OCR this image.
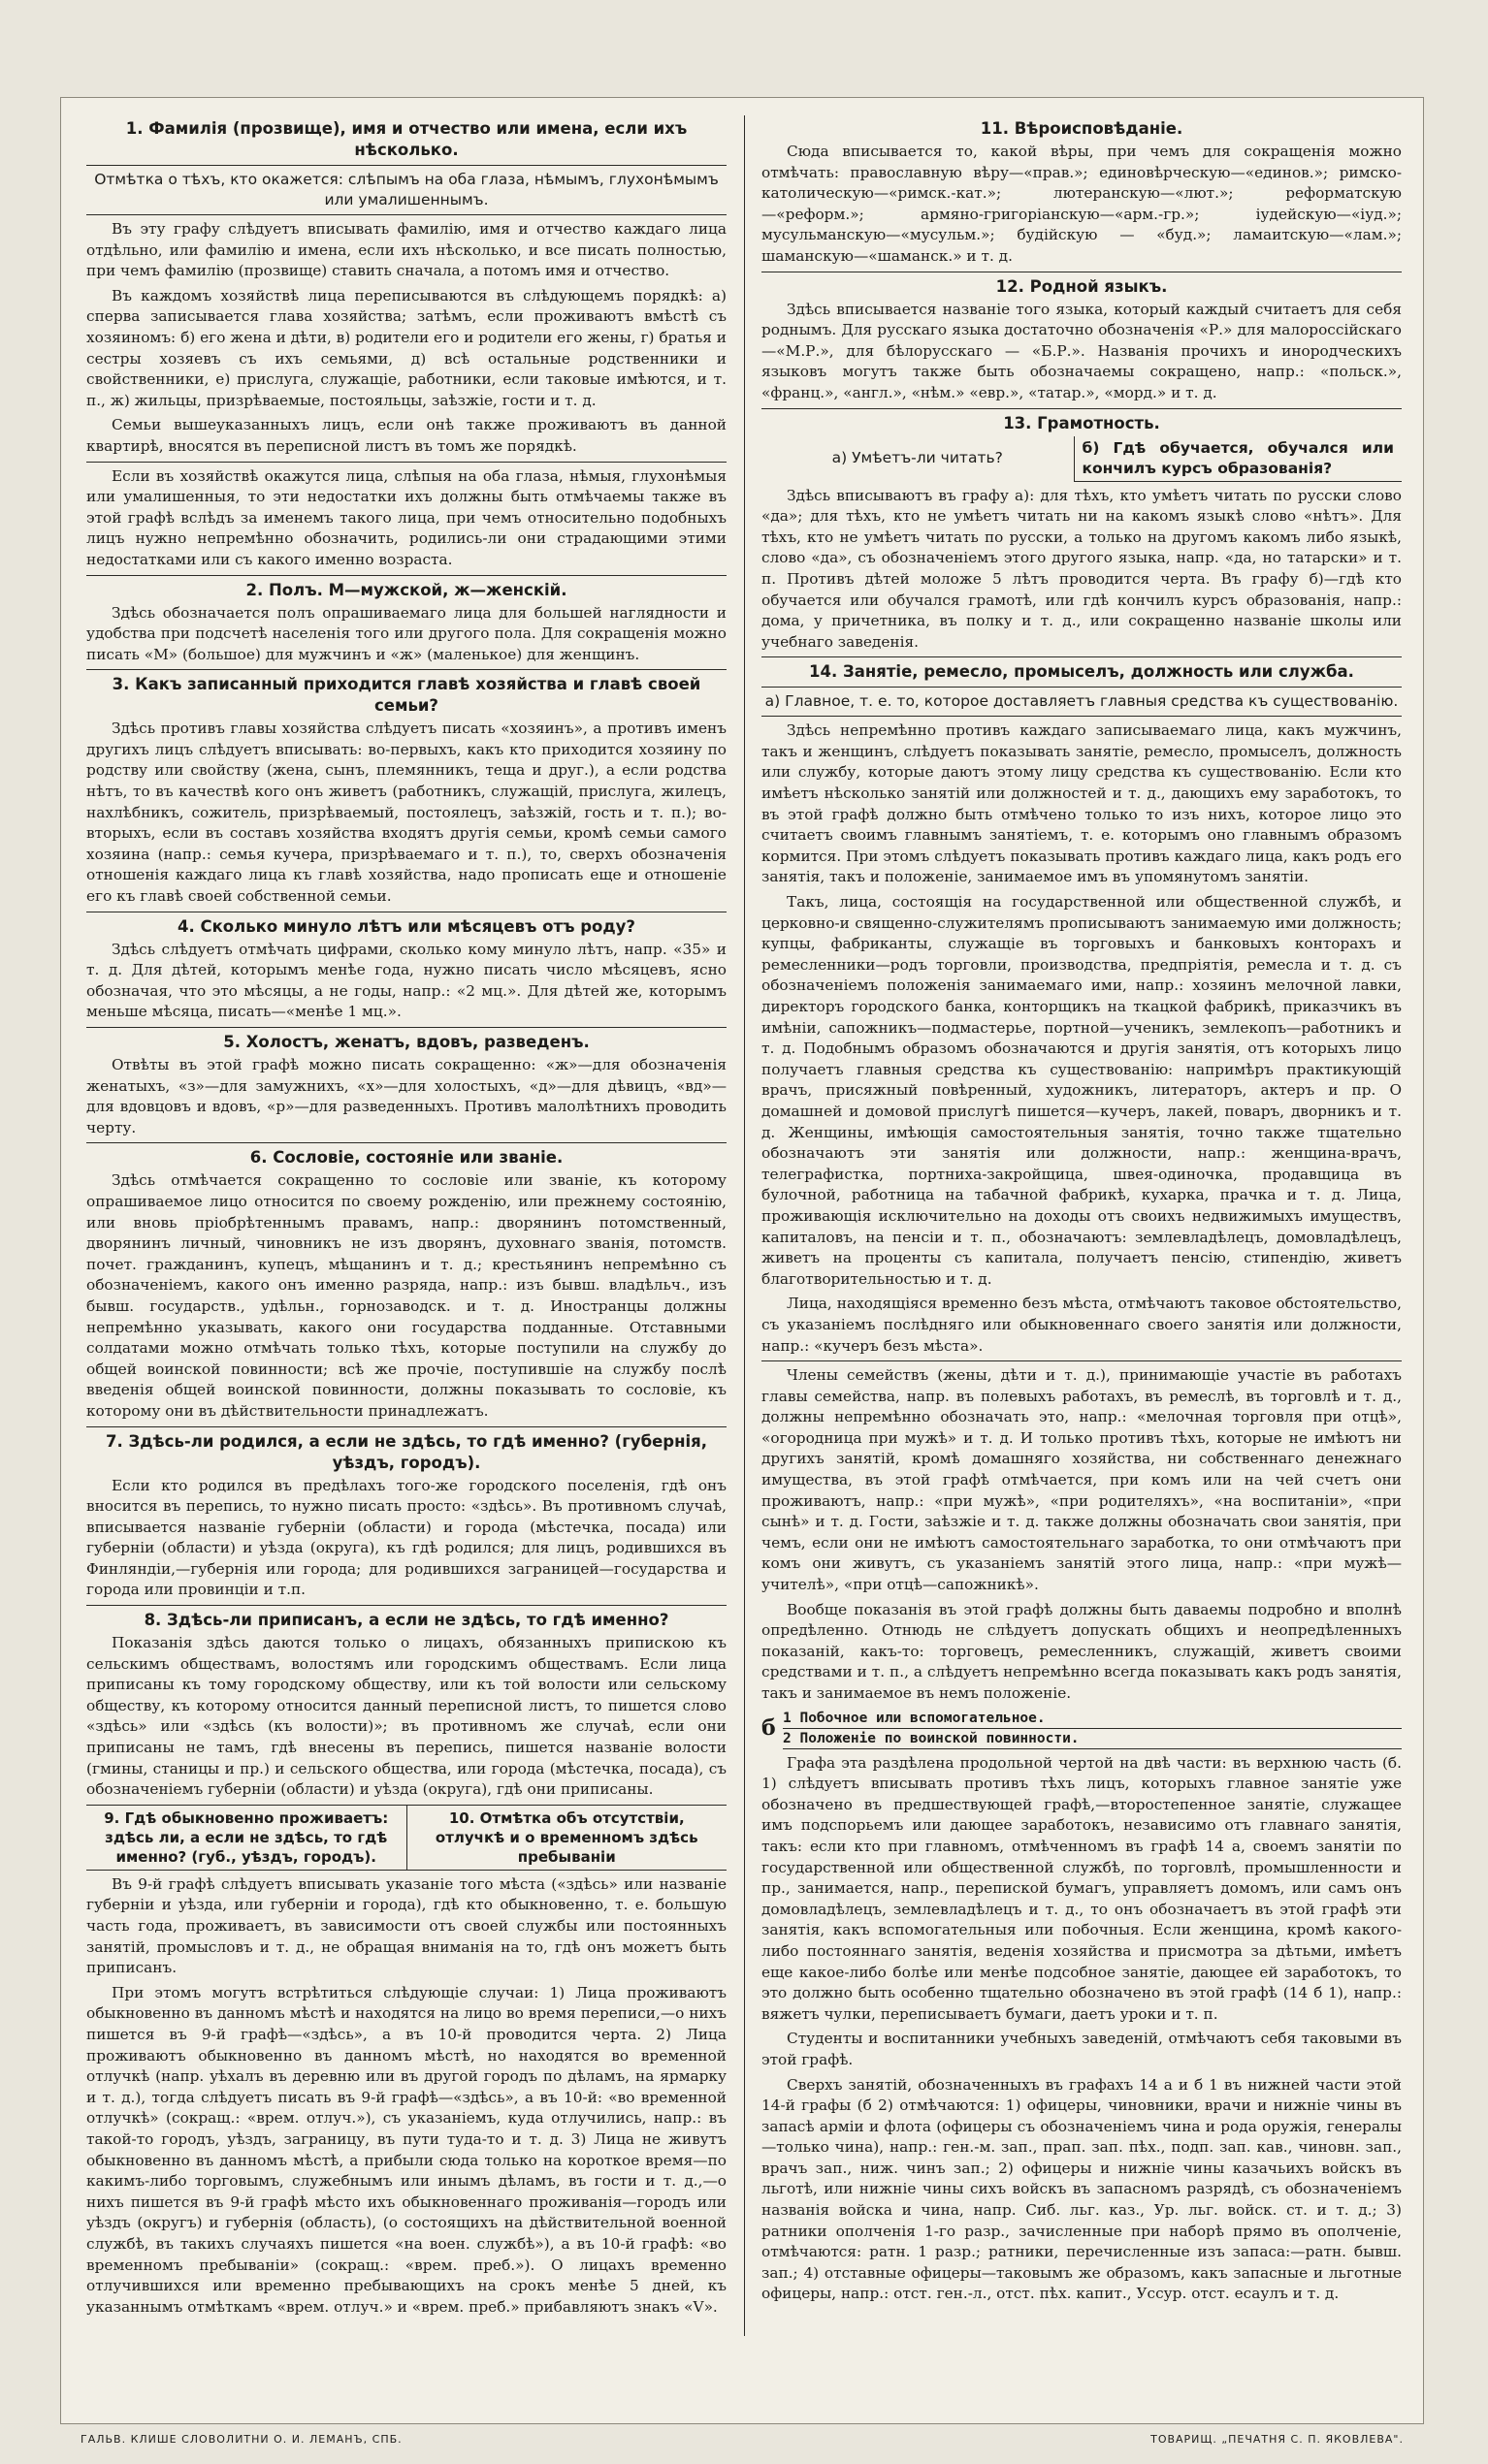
1. Фамилія (прозвище), имя и отчество или имена, если ихъ нѣсколько.
Отмѣтка о тѣхъ, кто окажется: слѣпымъ на оба глаза, нѣмымъ, глухонѣмымъ или умалишеннымъ.

Въ эту графу слѣдуетъ вписывать фамилію, имя и отчество каждаго лица отдѣльно, или фамилію и имена, если ихъ нѣсколько, и все писать полностью, при чемъ фамилію (прозвище) ставить сначала, а потомъ имя и отчество.

Въ каждомъ хозяйствѣ лица переписываются въ слѣдующемъ порядкѣ: а) сперва записывается глава хозяйства; затѣмъ, если проживаютъ вмѣстѣ съ хозяиномъ: б) его жена и дѣти, в) родители его и родители его жены, г) братья и сестры хозяевъ съ ихъ семьями, д) всѣ остальные родственники и свойственники, е) прислуга, служащіе, работники, если таковые имѣются, и т. п., ж) жильцы, призрѣваемые, постояльцы, заѣзжіе, гости и т. д.

Семьи вышеуказанныхъ лицъ, если онѣ также проживаютъ въ данной квартирѣ, вносятся въ переписной листъ въ томъ же порядкѣ.

Если въ хозяйствѣ окажутся лица, слѣпыя на оба глаза, нѣмыя, глухонѣмыя или умалишенныя, то эти недостатки ихъ должны быть отмѣчаемы также въ этой графѣ вслѣдъ за именемъ такого лица, при чемъ относительно подобныхъ лицъ нужно непремѣнно обозначить, родились-ли они страдающими этими недостатками или съ какого именно возраста.

2. Полъ. М—мужской, ж—женскій.

Здѣсь обозначается полъ опрашиваемаго лица для большей наглядности и удобства при подсчетѣ населенія того или другого пола. Для сокращенія можно писать «М» (большое) для мужчинъ и «ж» (маленькое) для женщинъ.

3. Какъ записанный приходится главѣ хозяйства и главѣ своей семьи?

Здѣсь противъ главы хозяйства слѣдуетъ писать «хозяинъ», а противъ именъ другихъ лицъ слѣдуетъ вписывать: во-первыхъ, какъ кто приходится хозяину по родству или свойству (жена, сынъ, племянникъ, теща и друг.), а если родства нѣтъ, то въ качествѣ кого онъ живетъ (работникъ, служащій, прислуга, жилецъ, нахлѣбникъ, сожитель, призрѣваемый, постоялецъ, заѣзжій, гость и т. п.); во-вторыхъ, если въ составъ хозяйства входятъ другія семьи, кромѣ семьи самого хозяина (напр.: семья кучера, призрѣваемаго и т. п.), то, сверхъ обозначенія отношенія каждаго лица къ главѣ хозяйства, надо прописать еще и отношеніе его къ главѣ своей собственной семьи.

4. Сколько минуло лѣтъ или мѣсяцевъ отъ роду?

Здѣсь слѣдуетъ отмѣчать цифрами, сколько кому минуло лѣтъ, напр. «35» и т. д. Для дѣтей, которымъ менѣе года, нужно писать число мѣсяцевъ, ясно обозначая, что это мѣсяцы, а не годы, напр.: «2 мц.». Для дѣтей же, которымъ меньше мѣсяца, писать—«менѣе 1 мц.».

5. Холостъ, женатъ, вдовъ, разведенъ.

Отвѣты въ этой графѣ можно писать сокращенно: «ж»—для обозначенія женатыхъ, «з»—для замужнихъ, «х»—для холостыхъ, «д»—для дѣвицъ, «вд»—для вдовцовъ и вдовъ, «р»—для разведенныхъ. Противъ малолѣтнихъ проводить черту.

6. Сословіе, состояніе или званіе.

Здѣсь отмѣчается сокращенно то сословіе или званіе, къ которому опрашиваемое лицо относится по своему рожденію, или прежнему состоянію, или вновь пріобрѣтеннымъ правамъ, напр.: дворянинъ потомственный, дворянинъ личный, чиновникъ не изъ дворянъ, духовнаго званія, потомств. почет. гражданинъ, купецъ, мѣщанинъ и т. д.; крестьянинъ непремѣнно съ обозначеніемъ, какого онъ именно разряда, напр.: изъ бывш. владѣльч., изъ бывш. государств., удѣльн., горнозаводск. и т. д. Иностранцы должны непремѣнно указывать, какого они государства подданные. Отставными солдатами можно отмѣчать только тѣхъ, которые поступили на службу до общей воинской повинности; всѣ же прочіе, поступившіе на службу послѣ введенія общей воинской повинности, должны показывать то сословіе, къ которому они въ дѣйствительности принадлежатъ.

7. Здѣсь-ли родился, а если не здѣсь, то гдѣ именно? (губернія, уѣздъ, городъ).

Если кто родился въ предѣлахъ того-же городского поселенія, гдѣ онъ вносится въ перепись, то нужно писать просто: «здѣсь». Въ противномъ случаѣ, вписывается названіе губерніи (области) и города (мѣстечка, посада) или губерніи (области) и уѣзда (округа), къ гдѣ родился; для лицъ, родившихся въ Финляндіи,—губернія или города; для родившихся заграницей—государства и города или провинціи и т.п.

8. Здѣсь-ли приписанъ, а если не здѣсь, то гдѣ именно?

Показанія здѣсь даются только о лицахъ, обязанныхъ припискою къ сельскимъ обществамъ, волостямъ или городскимъ обществамъ. Если лица приписаны къ тому городскому обществу, или къ той волости или сельскому обществу, къ которому относится данный переписной листъ, то пишется слово «здѣсь» или «здѣсь (къ волости)»; въ противномъ же случаѣ, если они приписаны не тамъ, гдѣ внесены въ перепись, пишется названіе волости (гмины, станицы и пр.) и сельского общества, или города (мѣстечка, посада), съ обозначеніемъ губерніи (области) и уѣзда (округа), гдѣ они приписаны.

9. Гдѣ обыкновенно проживаетъ: здѣсь ли, а если не здѣсь, то гдѣ именно? (губ., уѣздъ, городъ).
10. Отмѣтка объ отсутствіи, отлучкѣ и о временномъ здѣсь пребываніи

Въ 9-й графѣ слѣдуетъ вписывать указаніе того мѣста («здѣсь» или названіе губерніи и уѣзда, или губерніи и города), гдѣ кто обыкновенно, т. е. большую часть года, проживаетъ, въ зависимости отъ своей службы или постоянныхъ занятій, промысловъ и т. д., не обращая вниманія на то, гдѣ онъ можетъ быть приписанъ.

При этомъ могутъ встрѣтиться слѣдующіе случаи: 1) Лица проживаютъ обыкновенно въ данномъ мѣстѣ и находятся на лицо во время переписи,—о нихъ пишется въ 9-й графѣ—«здѣсь», а въ 10-й проводится черта. 2) Лица проживаютъ обыкновенно въ данномъ мѣстѣ, но находятся во временной отлучкѣ (напр. уѣхалъ въ деревню или въ другой городъ по дѣламъ, на ярмарку и т. д.), тогда слѣдуетъ писать въ 9-й графѣ—«здѣсь», а въ 10-й: «во временной отлучкѣ» (сокращ.: «врем. отлуч.»), съ указаніемъ, куда отлучились, напр.: въ такой-то городъ, уѣздъ, заграницу, въ пути туда-то и т. д. 3) Лица не живутъ обыкновенно въ данномъ мѣстѣ, а прибыли сюда только на короткое время—по какимъ-либо торговымъ, служебнымъ или инымъ дѣламъ, въ гости и т. д.,—о нихъ пишется въ 9-й графѣ мѣсто ихъ обыкновеннаго проживанія—городъ или уѣздъ (округъ) и губернія (область), (о состоящихъ на дѣйствительной военной службѣ, въ такихъ случаяхъ пишется «на воен. службѣ»), а въ 10-й графѣ: «во временномъ пребываніи» (сокращ.: «врем. преб.»). О лицахъ временно отлучившихся или временно пребывающихъ на срокъ менѣе 5 дней, къ указаннымъ отмѣткамъ «врем. отлуч.» и «врем. преб.» прибавляютъ знакъ «V».

11. Вѣроисповѣданіе.

Сюда вписывается то, какой вѣры, при чемъ для сокращенія можно отмѣчать: православную вѣру—«прав.»; единовѣрческую—«единов.»; римско-католическую—«римск.-кат.»; лютеранскую—«лют.»; реформатскую—«реформ.»; армяно-григоріанскую—«арм.-гр.»; іудейскую—«іуд.»; мусульманскую—«мусульм.»; будійскую — «буд.»; ламаитскую—«лам.»; шаманскую—«шаманск.» и т. д.

12. Родной языкъ.

Здѣсь вписывается названіе того языка, который каждый считаетъ для себя роднымъ. Для русскаго языка достаточно обозначенія «Р.» для малороссійскаго—«М.Р.», для бѣлорусскаго — «Б.Р.». Названія прочихъ и инородческихъ языковъ могутъ также быть обозначаемы сокращено, напр.: «польск.», «франц.», «англ.», «нѣм.» «евр.», «татар.», «морд.» и т. д.

13. Грамотность.
а) Умѣетъ-ли читать?
б) Гдѣ обучается, обучался или кончилъ курсъ образованія?

Здѣсь вписываютъ въ графу а): для тѣхъ, кто умѣетъ читать по русски слово «да»; для тѣхъ, кто не умѣетъ читать ни на какомъ языкѣ слово «нѣтъ». Для тѣхъ, кто не умѣетъ читать по русски, а только на другомъ какомъ либо языкѣ, слово «да», съ обозначеніемъ этого другого языка, напр. «да, но татарски» и т. п. Противъ дѣтей моложе 5 лѣтъ проводится черта. Въ графу б)—гдѣ кто обучается или обучался грамотѣ, или гдѣ кончилъ курсъ образованія, напр.: дома, у причетника, въ полку и т. д., или сокращенно названіе школы или учебнаго заведенія.

14. Занятіе, ремесло, промыселъ, должность или служба.
а) Главное, т. е. то, которое доставляетъ главныя средства къ существованію.

Здѣсь непремѣнно противъ каждаго записываемаго лица, какъ мужчинъ, такъ и женщинъ, слѣдуетъ показывать занятіе, ремесло, промыселъ, должность или службу, которые даютъ этому лицу средства къ существованію. Если кто имѣетъ нѣсколько занятій или должностей и т. д., дающихъ ему заработокъ, то въ этой графѣ должно быть отмѣчено только то изъ нихъ, которое лицо это считаетъ своимъ главнымъ занятіемъ, т. е. которымъ оно главнымъ образомъ кормится. При этомъ слѣдуетъ показывать противъ каждаго лица, какъ родъ его занятія, такъ и положеніе, занимаемое имъ въ упомянутомъ занятіи.

Такъ, лица, состоящія на государственной или общественной службѣ, и церковно-и священно-служителямъ прописываютъ занимаемую ими должность; купцы, фабриканты, служащіе въ торговыхъ и банковыхъ конторахъ и ремесленники—родъ торговли, производства, предпріятія, ремесла и т. д. съ обозначеніемъ положенія занимаемаго ими, напр.: хозяинъ мелочной лавки, директоръ городского банка, конторщикъ на ткацкой фабрикѣ, приказчикъ въ имѣніи, сапожникъ—подмастерье, портной—ученикъ, землекопъ—работникъ и т. д. Подобнымъ образомъ обозначаются и другія занятія, отъ которыхъ лицо получаетъ главныя средства къ существованію: напримѣръ практикующій врачъ, присяжный повѣренный, художникъ, литераторъ, актеръ и пр. О домашней и домовой прислугѣ пишется—кучеръ, лакей, поваръ, дворникъ и т. д. Женщины, имѣющія самостоятельныя занятія, точно также тщательно обозначаютъ эти занятія или должности, напр.: женщина-врачъ, телеграфистка, портниха-закройщица, швея-одиночка, продавщица въ булочной, работница на табачной фабрикѣ, кухарка, прачка и т. д. Лица, проживающія исключительно на доходы отъ своихъ недвижимыхъ имуществъ, капиталовъ, на пенсіи и т. п., обозначаютъ: землевладѣлецъ, домовладѣлецъ, живетъ на проценты съ капитала, получаетъ пенсію, стипендію, живетъ благотворительностью и т. д.

Лица, находящіяся временно безъ мѣста, отмѣчаютъ таковое обстоятельство, съ указаніемъ послѣдняго или обыкновеннаго своего занятія или должности, напр.: «кучеръ безъ мѣста».

Члены семействъ (жены, дѣти и т. д.), принимающіе участіе въ работахъ главы семейства, напр. въ полевыхъ работахъ, въ ремеслѣ, въ торговлѣ и т. д., должны непремѣнно обозначать это, напр.: «мелочная торговля при отцѣ», «огородница при мужѣ» и т. д. И только противъ тѣхъ, которые не имѣютъ ни другихъ занятій, кромѣ домашняго хозяйства, ни собственнаго денежнаго имущества, въ этой графѣ отмѣчается, при комъ или на чей счетъ они проживаютъ, напр.: «при мужѣ», «при родителяхъ», «на воспитаніи», «при сынѣ» и т. д. Гости, заѣзжіе и т. д. также должны обозначать свои занятія, при чемъ, если они не имѣютъ самостоятельнаго заработка, то они отмѣчаютъ при комъ они живутъ, съ указаніемъ занятій этого лица, напр.: «при мужѣ—учителѣ», «при отцѣ—сапожникѣ».

Вообще показанія въ этой графѣ должны быть даваемы подробно и вполнѣ опредѣленно. Отнюдь не слѣдуетъ допускать общихъ и неопредѣленныхъ показаній, какъ-то: торговецъ, ремесленникъ, служащій, живетъ своими средствами и т. п., а слѣдуетъ непремѣнно всегда показывать какъ родъ занятія, такъ и занимаемое въ немъ положеніе.

б 1 Побочное или вспомогательное.
2 Положеніе по воинской повинности.

Графа эта раздѣлена продольной чертой на двѣ части: въ верхнюю часть (б. 1) слѣдуетъ вписывать противъ тѣхъ лицъ, которыхъ главное занятіе уже обозначено въ предшествующей графѣ,—второстепенное занятіе, служащее имъ подспорьемъ или дающее заработокъ, независимо отъ главнаго занятія, такъ: если кто при главномъ, отмѣченномъ въ графѣ 14 а, своемъ занятіи по государственной или общественной службѣ, по торговлѣ, промышленности и пр., занимается, напр., перепиской бумагъ, управляетъ домомъ, или самъ онъ домовладѣлецъ, землевладѣлецъ и т. д., то онъ обозначаетъ въ этой графѣ эти занятія, какъ вспомогательныя или побочныя. Если женщина, кромѣ какого-либо постояннаго занятія, веденія хозяйства и присмотра за дѣтьми, имѣетъ еще какое-либо болѣе или менѣе подсобное занятіе, дающее ей заработокъ, то это должно быть особенно тщательно обозначено въ этой графѣ (14 б 1), напр.: вяжетъ чулки, переписываетъ бумаги, даетъ уроки и т. п.

Студенты и воспитанники учебныхъ заведеній, отмѣчаютъ себя таковыми въ этой графѣ.

Сверхъ занятій, обозначенныхъ въ графахъ 14 а и б 1 въ нижней части этой 14-й графы (б 2) отмѣчаются: 1) офицеры, чиновники, врачи и нижніе чины въ запасѣ арміи и флота (офицеры съ обозначеніемъ чина и рода оружія, генералы—только чина), напр.: ген.-м. зап., прап. зап. пѣх., подп. зап. кав., чиновн. зап., врачъ зап., ниж. чинъ зап.; 2) офицеры и нижніе чины казачьихъ войскъ въ льготѣ, или нижніе чины сихъ войскъ въ запасномъ разрядѣ, съ обозначеніемъ названія войска и чина, напр. Сиб. льг. каз., Ур. льг. войск. ст. и т. д.; 3) ратники ополченія 1-го разр., зачисленные при наборѣ прямо въ ополченіе, отмѣчаются: ратн. 1 разр.; ратники, перечисленные изъ запаса:—ратн. бывш. зап.; 4) отставные офицеры—таковымъ же образомъ, какъ запасные и льготные офицеры, напр.: отст. ген.-л., отст. пѣх. капит., Уссур. отст. есаулъ и т. д.

ГАЛЬВ. КЛИШЕ СЛОВОЛИТНИ О. И. ЛЕМАНЪ, СПБ.	ТОВАРИЩ. „ПЕЧАТНЯ С. П. ЯКОВЛЕВА".
